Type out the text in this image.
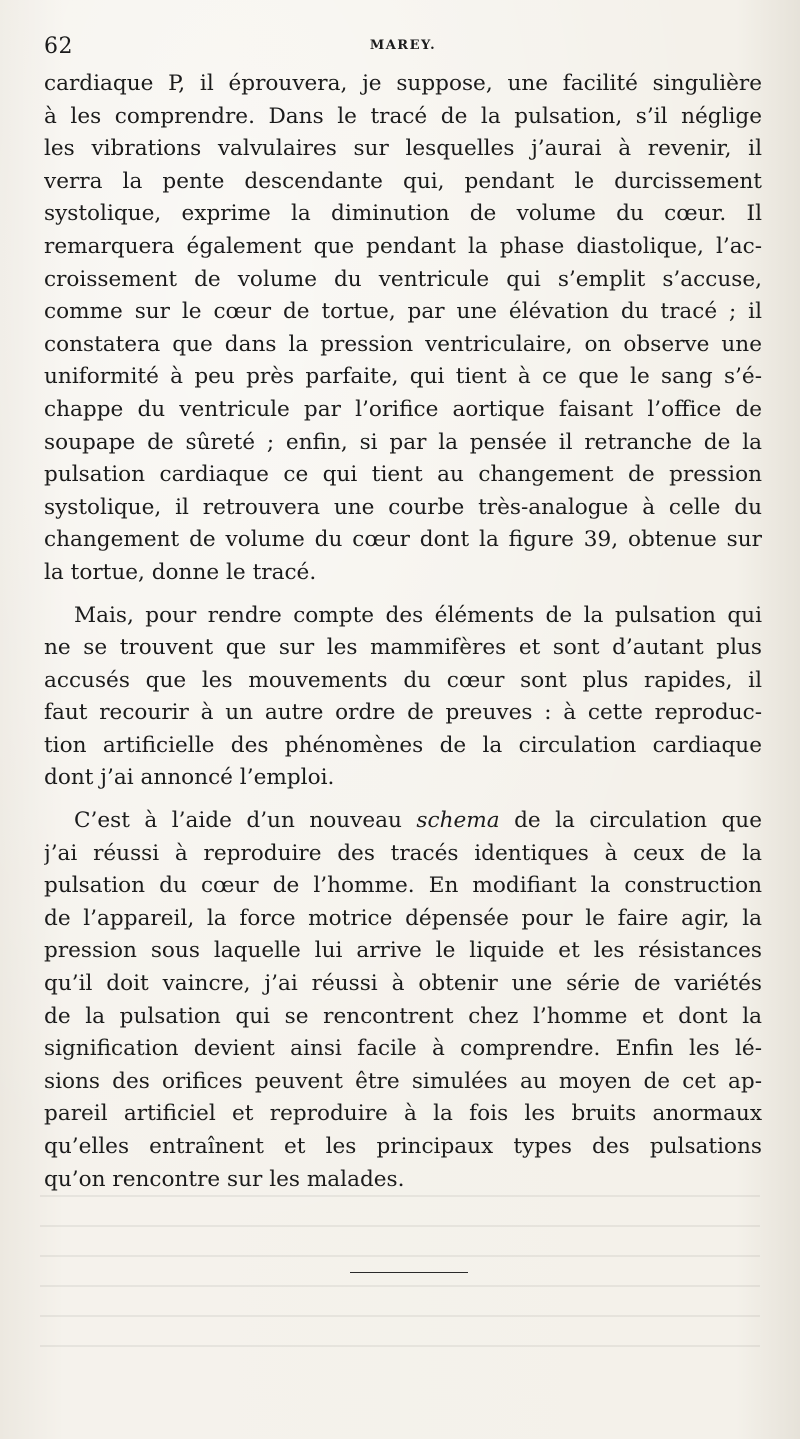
62	MAREY.
cardiaque P, il éprouvera, je suppose, une facilité singulière
à les comprendre. Dans le tracé de la pulsation, s’il néglige
les vibrations valvulaires sur lesquelles j’aurai à revenir, il
verra la pente descendante qui, pendant le durcissement
systolique, exprime la diminution de volume du cœur. Il
remarquera également que pendant la phase diastolique, l’ac-
croissement de volume du ventricule qui s’emplit s’accuse,
comme sur le cœur de tortue, par une élévation du tracé ; il
constatera que dans la pression ventriculaire, on observe une
uniformité à peu près parfaite, qui tient à ce que le sang s’é-
chappe du ventricule par l’orifice aortique faisant l’office de
soupape de sûreté ; enfin, si par la pensée il retranche de la
pulsation cardiaque ce qui tient au changement de pression
systolique, il retrouvera une courbe très-analogue à celle du
changement de volume du cœur dont la figure 39, obtenue sur
la tortue, donne le tracé.
Mais, pour rendre compte des éléments de la pulsation qui
ne se trouvent que sur les mammifères et sont d’autant plus
accusés que les mouvements du cœur sont plus rapides, il
faut recourir à un autre ordre de preuves : à cette reproduc-
tion artificielle des phénomènes de la circulation cardiaque
dont j’ai annoncé l’emploi.
C’est à l’aide d’un nouveau schema de la circulation que
j’ai réussi à reproduire des tracés identiques à ceux de la
pulsation du cœur de l’homme. En modifiant la construction
de l’appareil, la force motrice dépensée pour le faire agir, la
pression sous laquelle lui arrive le liquide et les résistances
qu’il doit vaincre, j’ai réussi à obtenir une série de variétés
de la pulsation qui se rencontrent chez l’homme et dont la
signification devient ainsi facile à comprendre. Enfin les lé-
sions des orifices peuvent être simulées au moyen de cet ap-
pareil artificiel et reproduire à la fois les bruits anormaux
qu’elles entraînent et les principaux types des pulsations
qu’on rencontre sur les malades.
